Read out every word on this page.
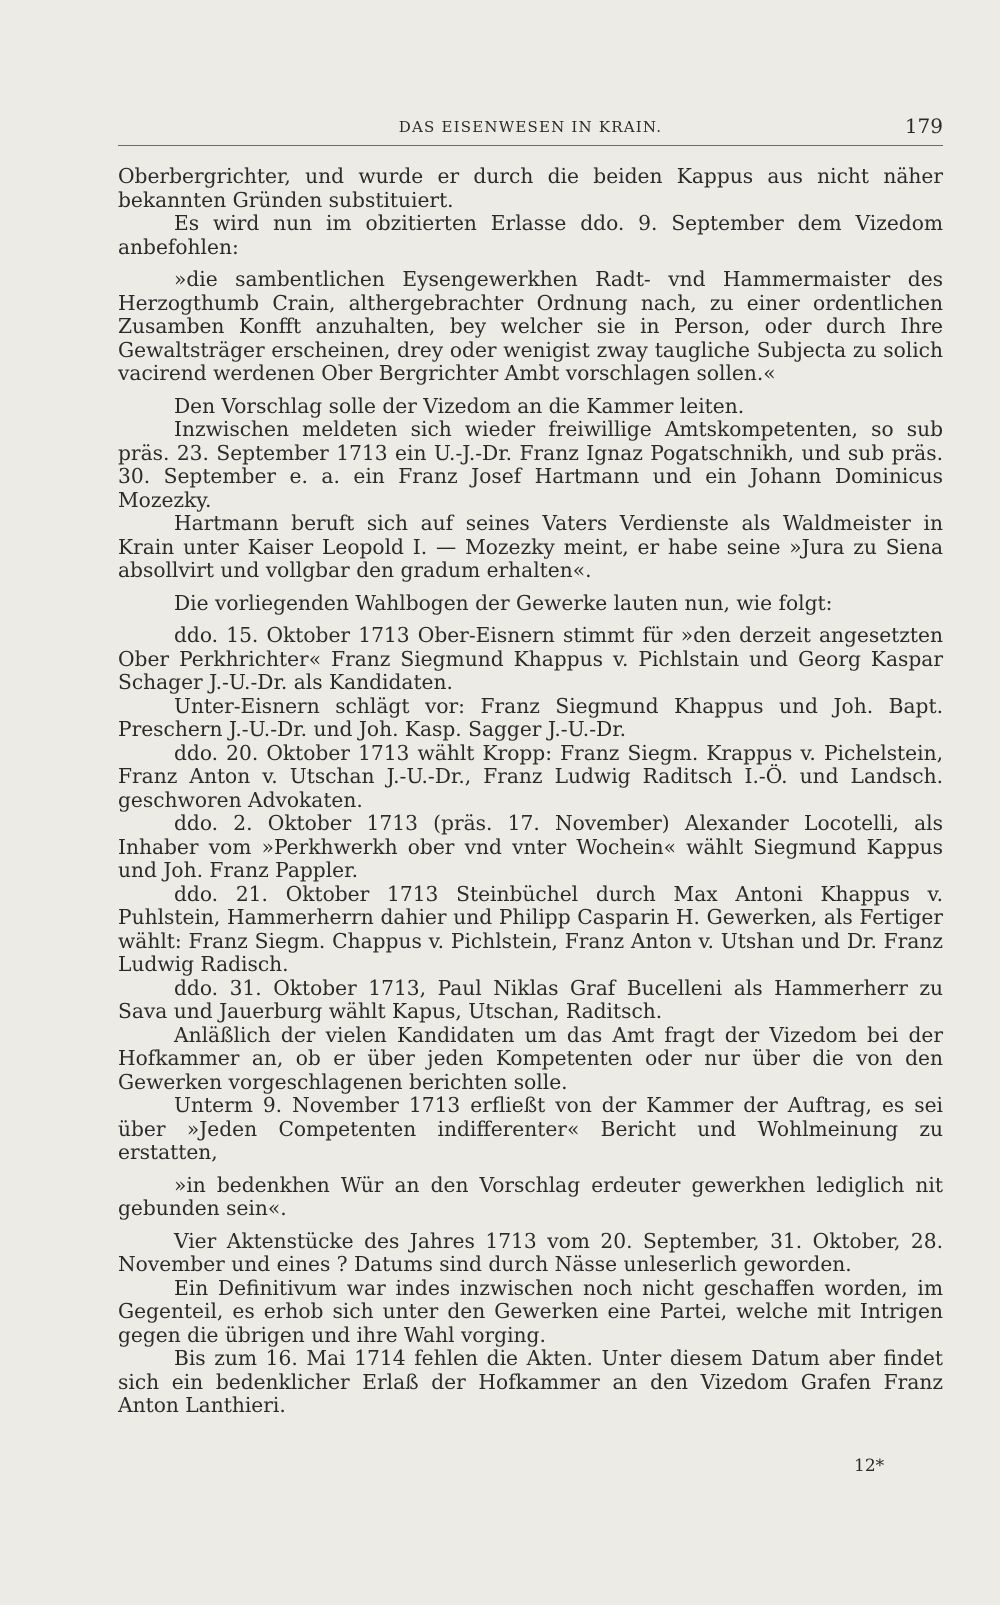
DAS EISENWESEN IN KRAIN.	179

Oberbergrichter, und wurde er durch die beiden Kappus aus nicht näher bekannten Gründen substituiert.

Es wird nun im obzitierten Erlasse ddo. 9. September dem Vizedom anbefohlen:

»die sambentlichen Eysengewerkhen Radt- vnd Hammermaister des Herzogthumb Crain, althergebrachter Ordnung nach, zu einer ordentlichen Zusamben Konfft anzuhalten, bey welcher sie in Person, oder durch Ihre Gewaltsträger erscheinen, drey oder wenigist zway taugliche Subjecta zu solich vacirend werdenen Ober Bergrichter Ambt vorschlagen sollen.«

Den Vorschlag solle der Vizedom an die Kammer leiten.

Inzwischen meldeten sich wieder freiwillige Amtskompetenten, so sub präs. 23. September 1713 ein U.-J.-Dr. Franz Ignaz Pogatschnikh, und sub präs. 30. September e. a. ein Franz Josef Hartmann und ein Johann Dominicus Mozezky.

Hartmann beruft sich auf seines Vaters Verdienste als Waldmeister in Krain unter Kaiser Leopold I. — Mozezky meint, er habe seine »Jura zu Siena absollvirt und vollgbar den gradum erhalten«.

Die vorliegenden Wahlbogen der Gewerke lauten nun, wie folgt:

ddo. 15. Oktober 1713 Ober-Eisnern stimmt für »den derzeit angesetzten Ober Perkhrichter« Franz Siegmund Khappus v. Pichlstain und Georg Kaspar Schager J.-U.-Dr. als Kandidaten.

Unter-Eisnern schlägt vor: Franz Siegmund Khappus und Joh. Bapt. Preschern J.-U.-Dr. und Joh. Kasp. Sagger J.-U.-Dr.

ddo. 20. Oktober 1713 wählt Kropp: Franz Siegm. Krappus v. Pichelstein, Franz Anton v. Utschan J.-U.-Dr., Franz Ludwig Raditsch I.-Ö. und Landsch. geschworen Advokaten.

ddo. 2. Oktober 1713 (präs. 17. November) Alexander Locotelli, als Inhaber vom »Perkhwerkh ober vnd vnter Wochein« wählt Siegmund Kappus und Joh. Franz Pappler.

ddo. 21. Oktober 1713 Steinbüchel durch Max Antoni Khappus v. Puhlstein, Hammerherrn dahier und Philipp Casparin H. Gewerken, als Fertiger wählt: Franz Siegm. Chappus v. Pichlstein, Franz Anton v. Utshan und Dr. Franz Ludwig Radisch.

ddo. 31. Oktober 1713, Paul Niklas Graf Bucelleni als Hammerherr zu Sava und Jauerburg wählt Kapus, Utschan, Raditsch.

Anläßlich der vielen Kandidaten um das Amt fragt der Vizedom bei der Hofkammer an, ob er über jeden Kompetenten oder nur über die von den Gewerken vorgeschlagenen berichten solle.

Unterm 9. November 1713 erfließt von der Kammer der Auftrag, es sei über »Jeden Competenten indifferenter« Bericht und Wohlmeinung zu erstatten,

»in bedenkhen Wür an den Vorschlag erdeuter gewerkhen lediglich nit gebunden sein«.

Vier Aktenstücke des Jahres 1713 vom 20. September, 31. Oktober, 28. November und eines ? Datums sind durch Nässe unleserlich geworden.

Ein Definitivum war indes inzwischen noch nicht geschaffen worden, im Gegenteil, es erhob sich unter den Gewerken eine Partei, welche mit Intrigen gegen die übrigen und ihre Wahl vorging.

Bis zum 16. Mai 1714 fehlen die Akten. Unter diesem Datum aber findet sich ein bedenklicher Erlaß der Hofkammer an den Vizedom Grafen Franz Anton Lanthieri.

12*
